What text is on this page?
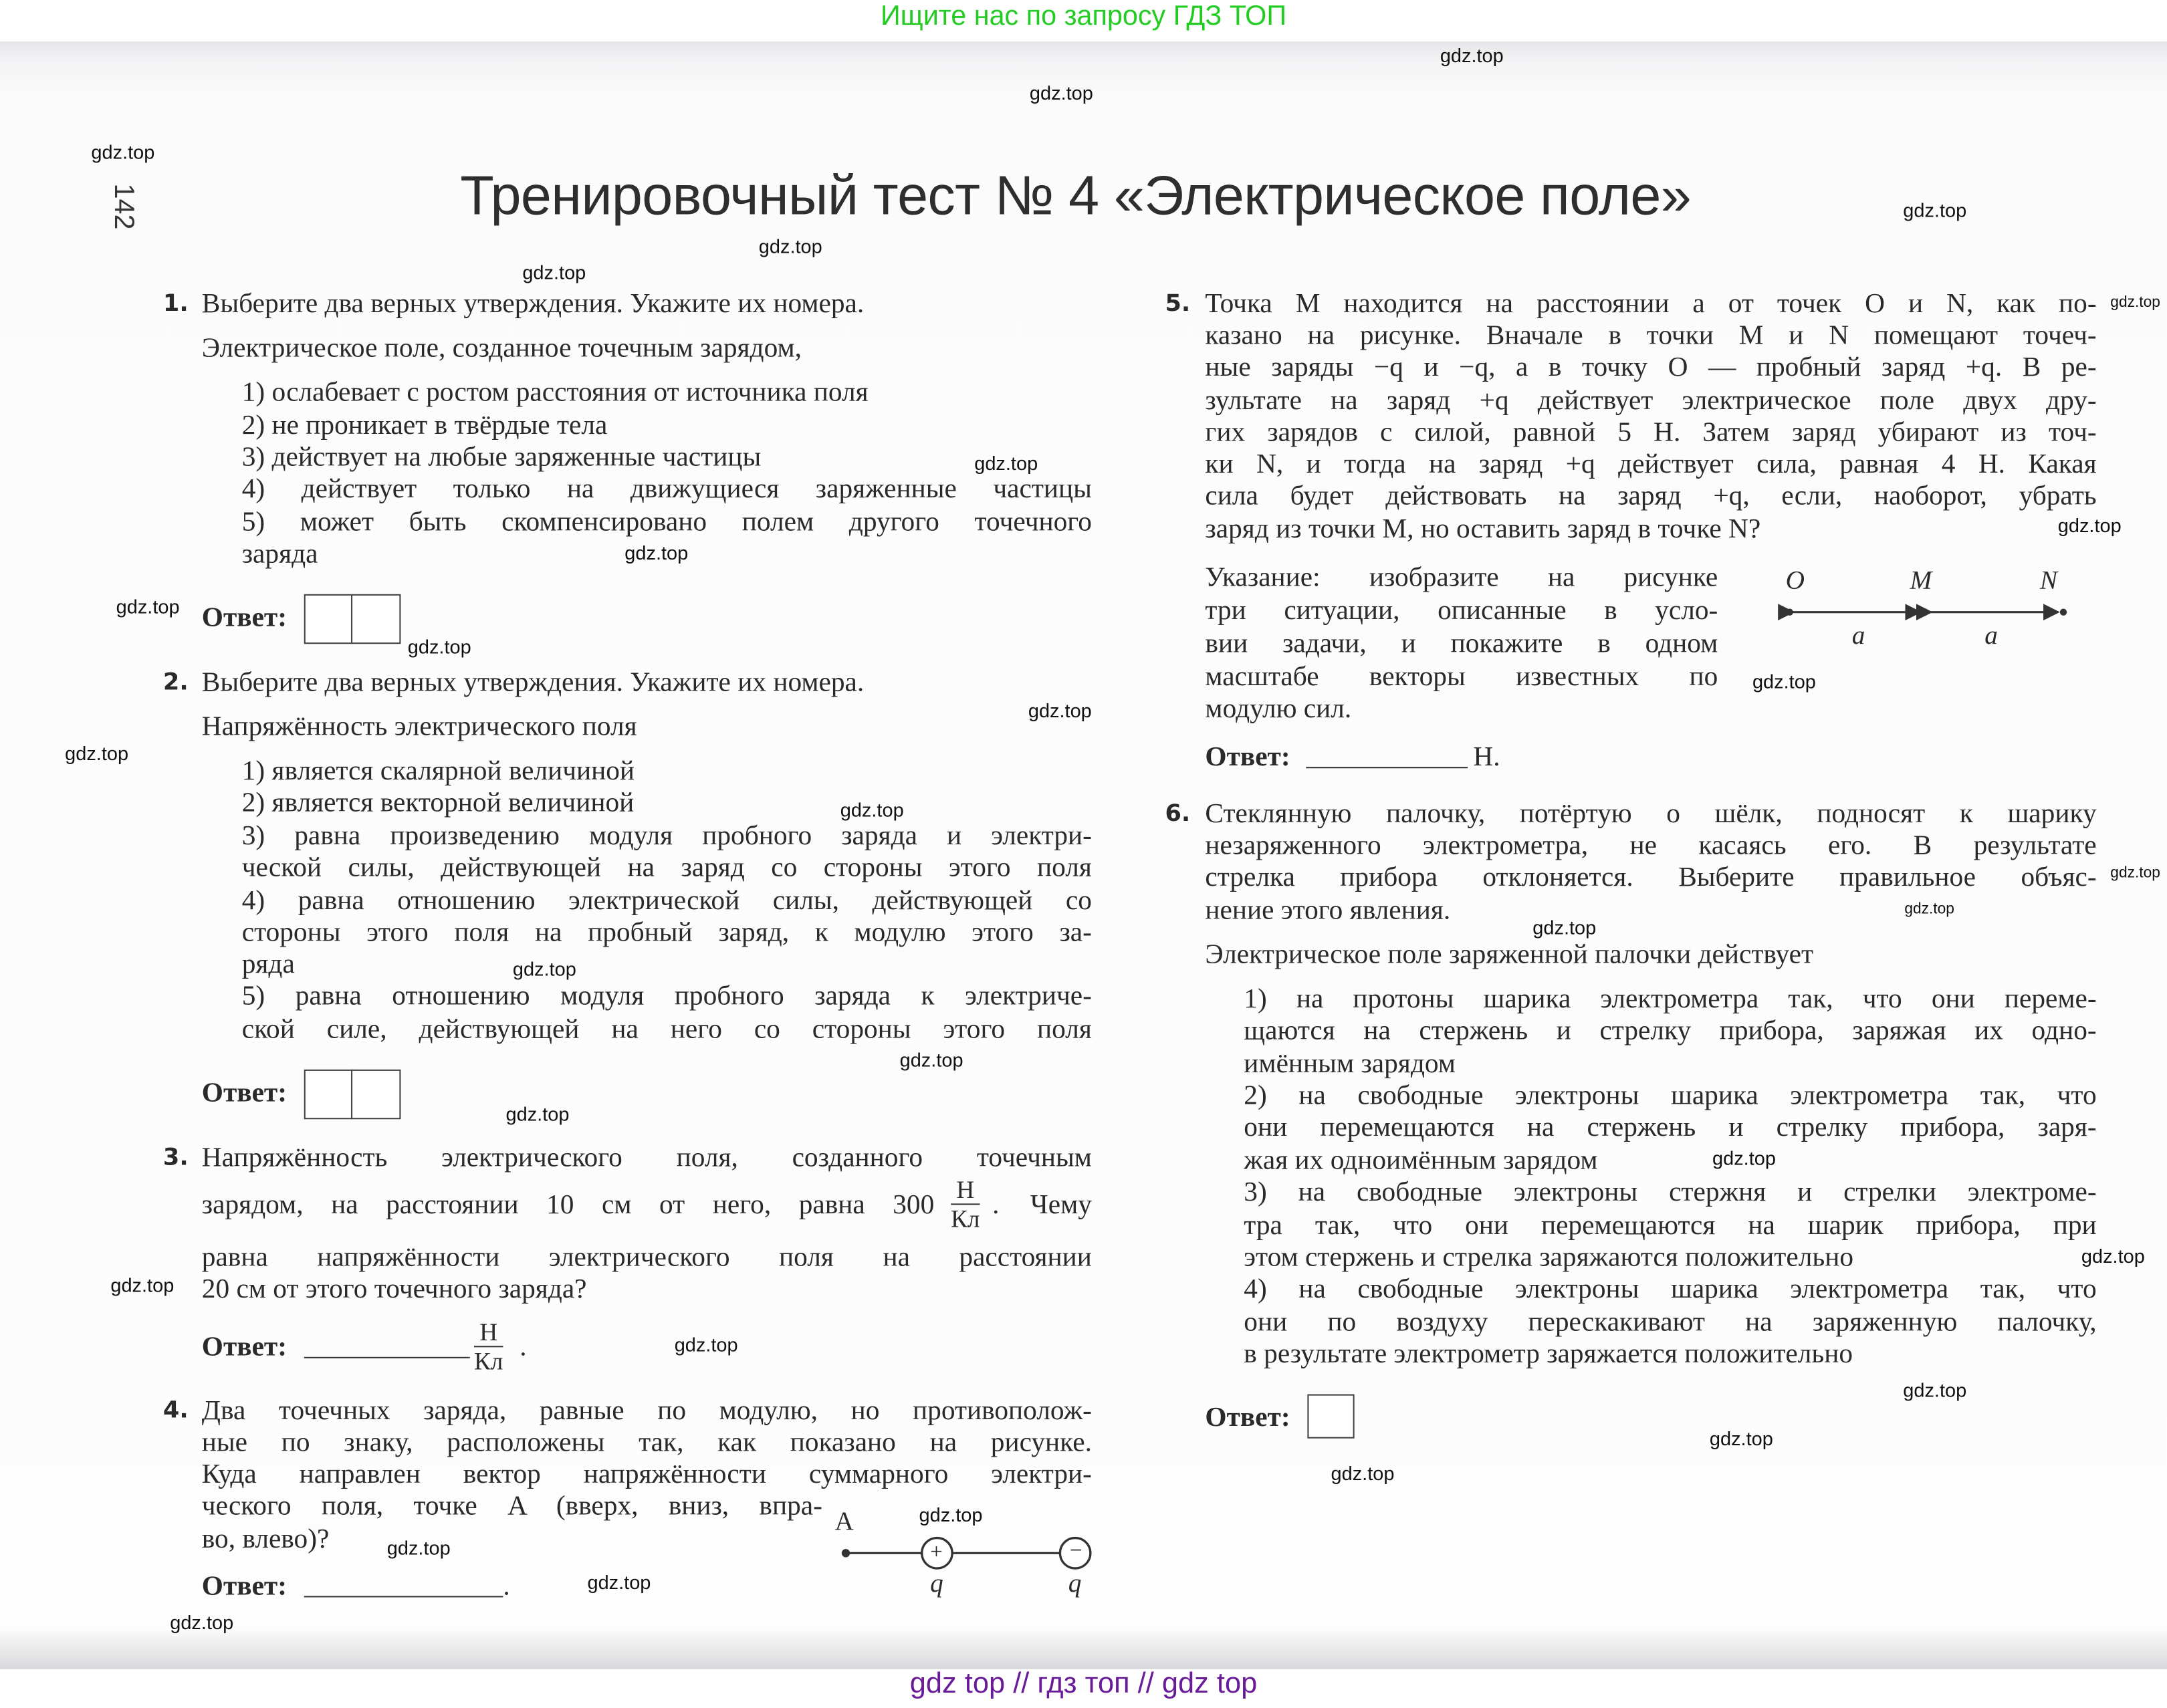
Ищите нас по запросу ГДЗ ТОП
gdz top // гдз топ // gdz top
142	Тренировочный тест № 4 «Электрическое поле»
1. Выберите два верных утверждения. Укажите их номера.
Электрическое поле, созданное точечным зарядом,
1) ослабевает с ростом расстояния от источника поля
2) не проникает в твёрдые тела
3) действует на любые заряженные частицы
4) действует только на движущиеся заряженные частицы
5) может быть скомпенсировано полем другого точечного
заряда
2. Выберите два верных утверждения. Укажите их номера.
Напряжённость электрического поля
1) является скалярной величиной
2) является векторной величиной
3) равна произведению модуля пробного заряда и электри-
ческой силы, действующей на заряд со стороны этого поля
4) равна отношению электрической силы, действующей со
стороны этого поля на пробный заряд, к модулю этого за-
ряда
5) равна отношению модуля пробного заряда к электриче-
ской силе, действующей на него со стороны этого поля
3. Напряжённость электрического поля, созданного точечным
зарядом, на расстоянии 10 см от него, равна 300	. Чему
равна напряжённости электрического поля на расстоянии
20 см от этого точечного заряда?
4. Два точечных заряда, равные по модулю, но противополож-
ные по знаку, расположены так, как показано на рисунке.
Куда направлен вектор напряжённости суммарного электри-
ческого поля, точке A (вверх, вниз, впра-
во, влево)?
5. Точка M находится на расстоянии a от точек O и N, как по-
казано на рисунке. Вначале в точки M и N помещают точеч-
ные заряды −q и −q, а в точку O — пробный заряд +q. В ре-
зультате на заряд +q действует электрическое поле двух дру-
гих зарядов с силой, равной 5 Н. Затем заряд убирают из точ-
ки N, и тогда на заряд +q действует сила, равная 4 Н. Какая
сила будет действовать на заряд +q, если, наоборот, убрать
заряд из точки M, но оставить заряд в точке N?
Указание: изобразите на рисунке
три ситуации, описанные в усло-
вии задачи, и покажите в одном
масштабе векторы известных по
модулю сил.
6. Стеклянную палочку, потёртую о шёлк, подносят к шарику
незаряженного электрометра, не касаясь его. В результате
стрелка прибора отклоняется. Выберите правильное объяс-
нение этого явления.
Электрическое поле заряженной палочки действует
1) на протоны шарика электрометра так, что они переме-
щаются на стержень и стрелку прибора, заряжая их одно-
имённым зарядом
2) на свободные электроны шарика электрометра так, что
они перемещаются на стержень и стрелку прибора, заря-
жая их одноимённым зарядом
3) на свободные электроны стержня и стрелки электроме-
тра так, что они перемещаются на шарик прибора, при
этом стержень и стрелка заряжаются положительно
4) на свободные электроны шарика электрометра так, что
они по воздуху перескакивают на заряженную палочку,
в результате электрометр заряжается положительно
Ответ:
Ответ:
Н
Кл
Ответ:	Н
Кл .
Ответ:	.
A
+	−
q	q
O	M	N
a	a
Ответ:	Н.
Ответ:
gdz.top
gdz.top
gdz.top
gdz.top
gdz.top
gdz.top
gdz.top
gdz.top
gdz.top
gdz.top
gdz.top
gdz.top
gdz.top
gdz.top
gdz.top
gdz.top
gdz.top
gdz.top
gdz.top
gdz.top
gdz.top
gdz.top
gdz.top
gdz.top
gdz.top
gdz.top
gdz.top
gdz.top
gdz.top
gdz.top
gdz.top
gdz.top
gdz.top
